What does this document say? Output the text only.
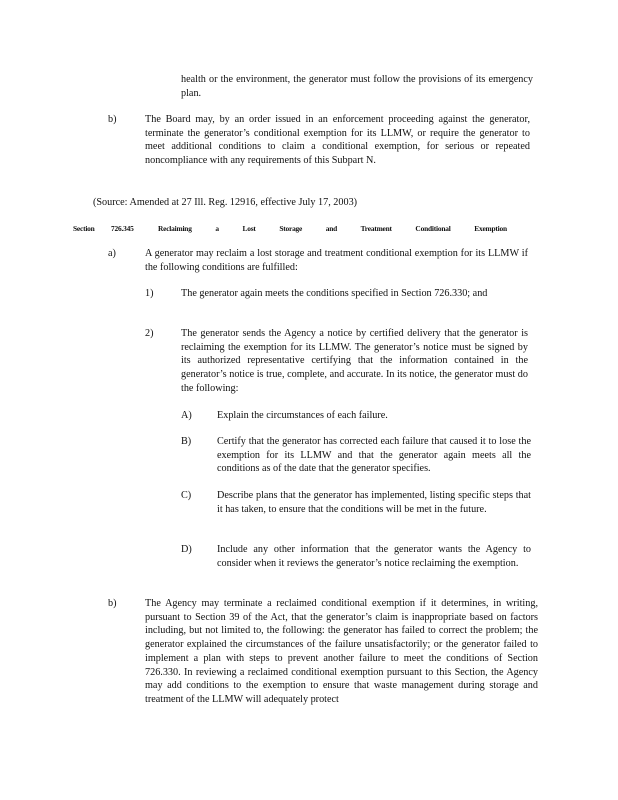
health or the environment, the generator must follow the provisions of its emergency plan.

b)	The Board may, by an order issued in an enforcement proceeding against the generator, terminate the generator’s conditional exemption for its LLMW, or require the generator to meet additional conditions to claim a conditional exemption, for serious or repeated noncompliance with any requirements of this Subpart N.

(Source: Amended at 27 Ill. Reg. 12916, effective July 17, 2003)

Section 726.345	Reclaiming a Lost Storage and Treatment Conditional Exemption
a)	A generator may reclaim a lost storage and treatment conditional exemption for its LLMW if the following conditions are fulfilled:

1)	The generator again meets the conditions specified in Section 726.330; and

2)	The generator sends the Agency a notice by certified delivery that the generator is reclaiming the exemption for its LLMW. The generator’s notice must be signed by its authorized representative certifying that the information contained in the generator’s notice is true, complete, and accurate. In its notice, the generator must do the following:

A) Explain the circumstances of each failure.

B)	Certify that the generator has corrected each failure that caused it to lose the exemption for its LLMW and that the generator again meets all the conditions as of the date that the generator specifies.

C)	Describe plans that the generator has implemented, listing specific steps that it has taken, to ensure that the conditions will be met in the future.

D) Include any other information that the generator wants the Agency to consider when it reviews the generator’s notice reclaiming the exemption.

b)	The Agency may terminate a reclaimed conditional exemption if it determines, in writing, pursuant to Section 39 of the Act, that the generator’s claim is inappropriate based on factors including, but not limited to, the following: the generator has failed to correct the problem; the generator explained the circumstances of the failure unsatisfactorily; or the generator failed to implement a plan with steps to prevent another failure to meet the conditions of Section 726.330. In reviewing a reclaimed conditional exemption pursuant to this Section, the Agency may add conditions to the exemption to ensure that waste management during storage and treatment of the LLMW will adequately protect
